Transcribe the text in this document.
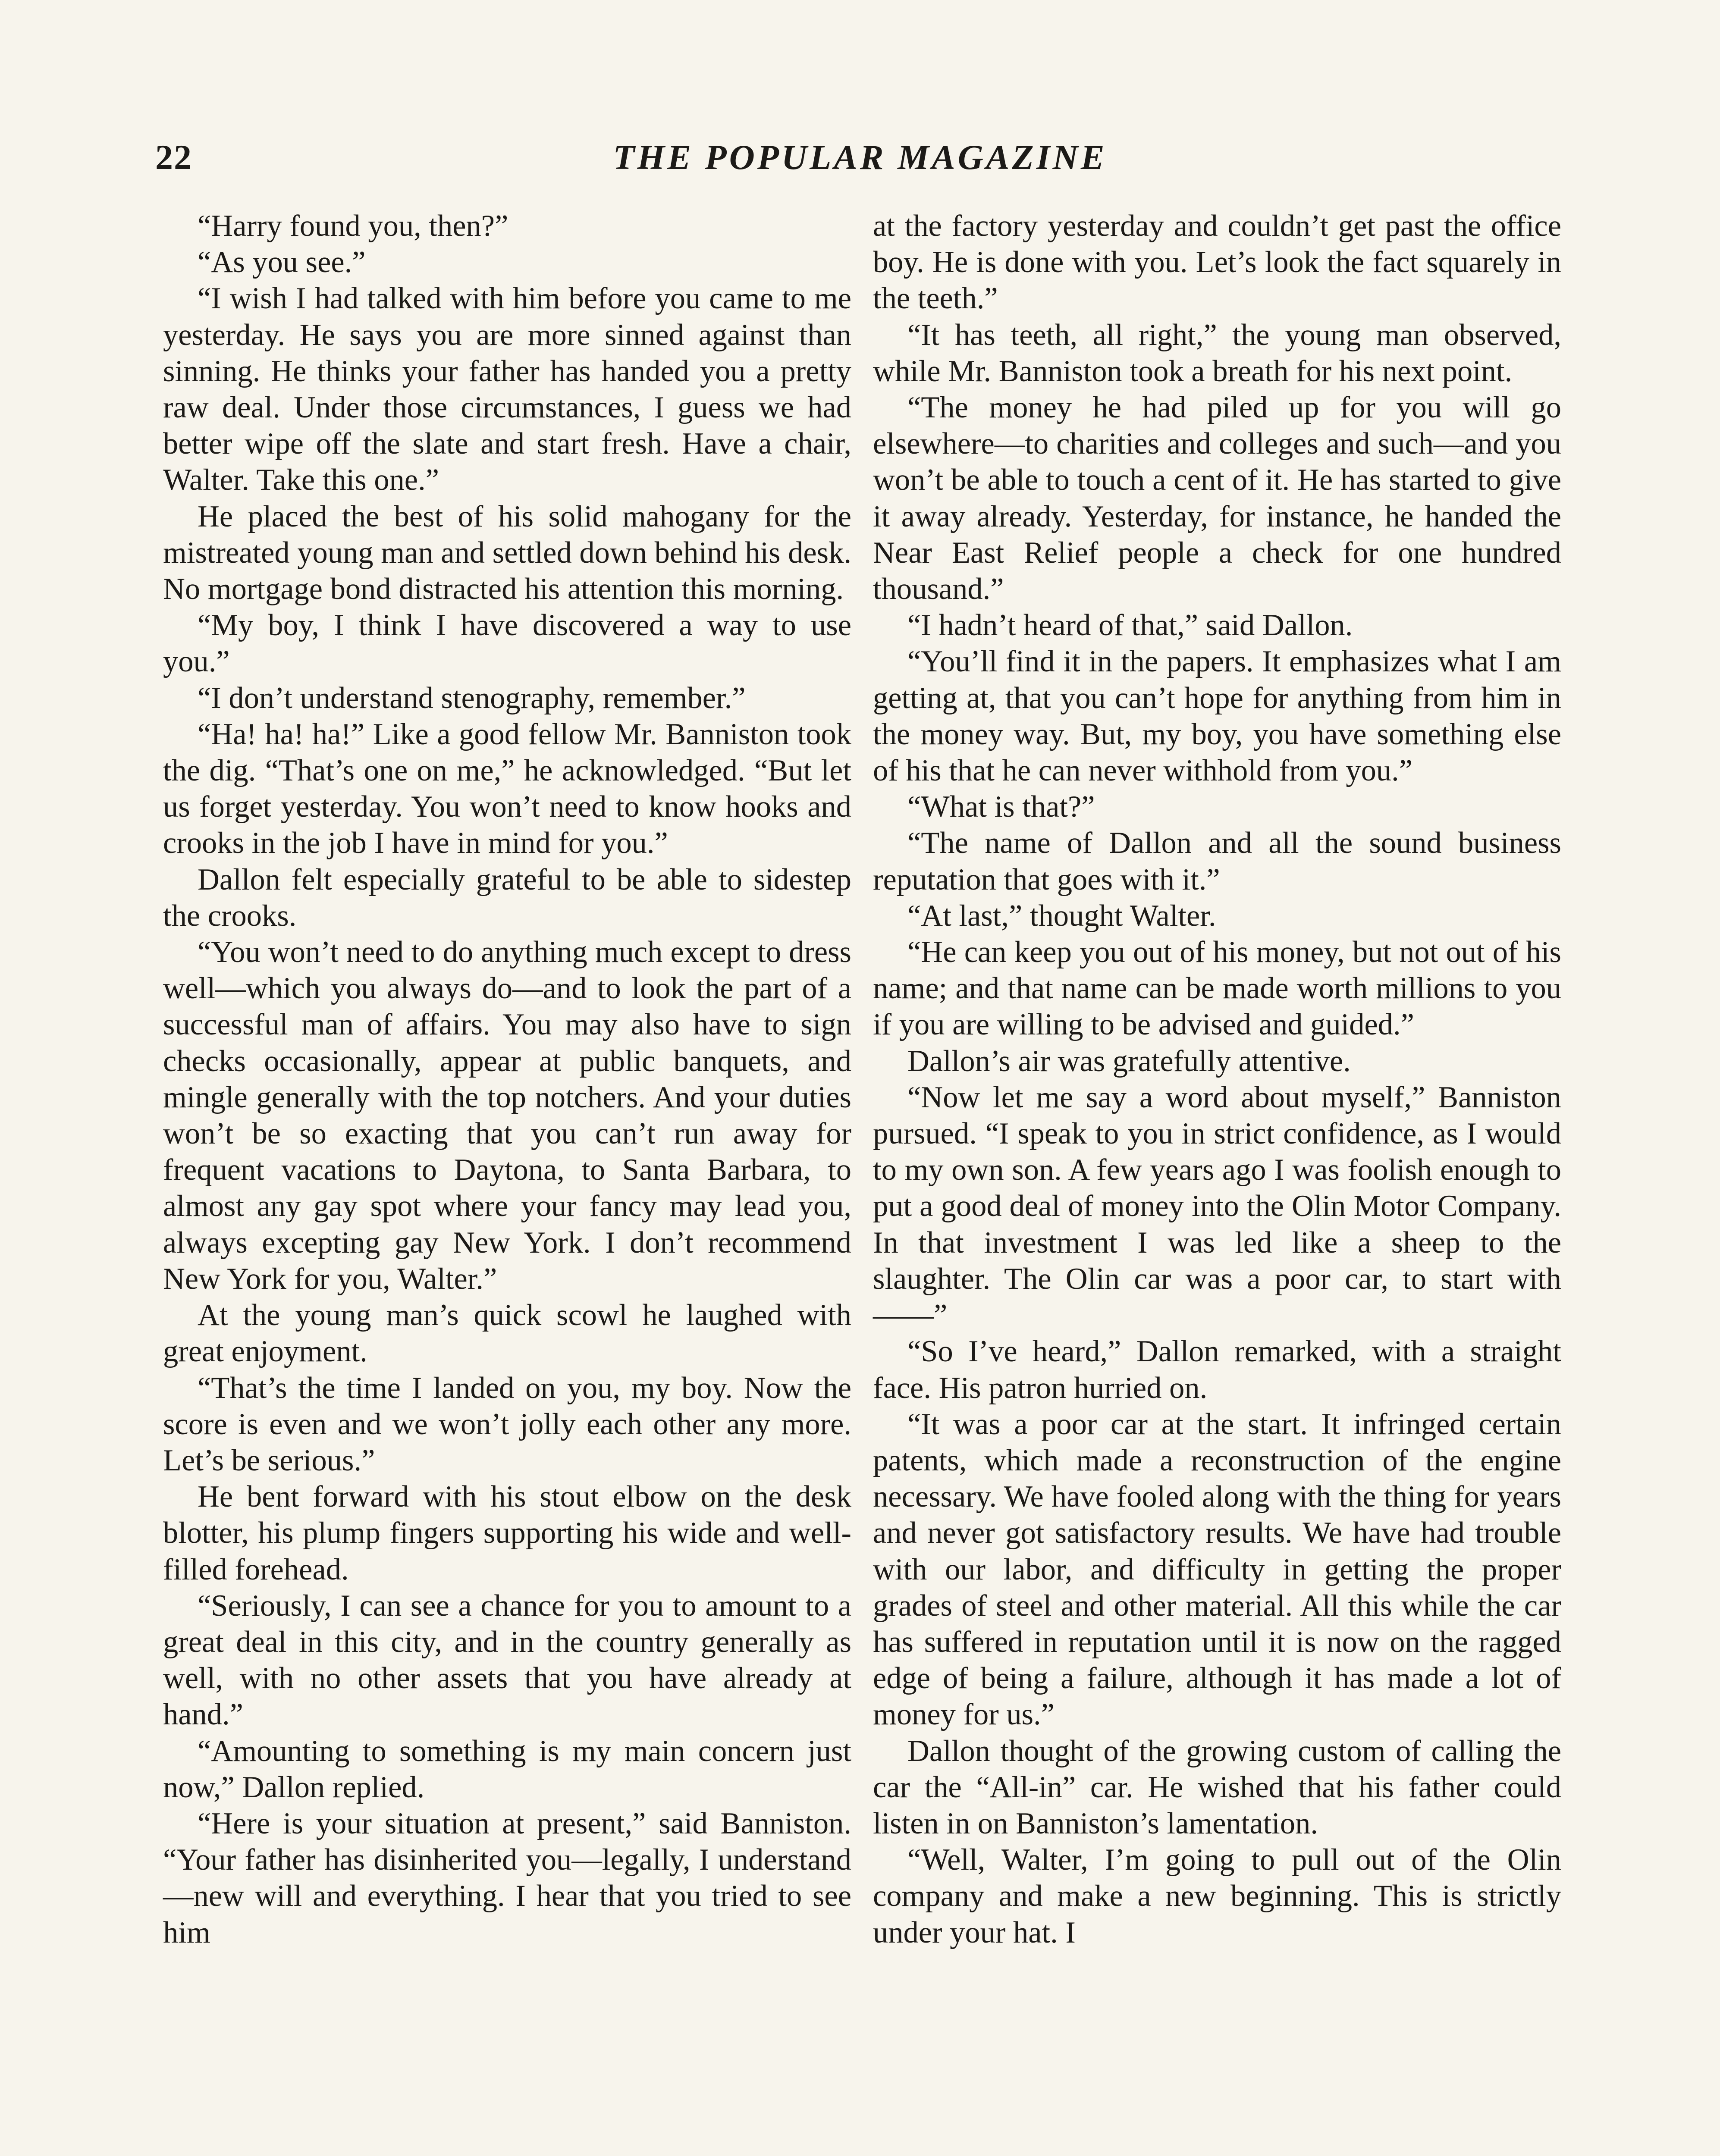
22	THE POPULAR MAGAZINE

“Harry found you, then?”

“As you see.”

“I wish I had talked with him before you came to me yesterday. He says you are more sinned against than sinning. He thinks your father has handed you a pretty raw deal. Under those circumstances, I guess we had better wipe off the slate and start fresh. Have a chair, Walter. Take this one.”

He placed the best of his solid mahogany for the mistreated young man and settled down behind his desk. No mortgage bond distracted his attention this morning.

“My boy, I think I have discovered a way to use you.”

“I don’t understand stenography, remember.”

“Ha! ha! ha!” Like a good fellow Mr. Banniston took the dig. “That’s one on me,” he acknowledged. “But let us forget yesterday. You won’t need to know hooks and crooks in the job I have in mind for you.”

Dallon felt especially grateful to be able to sidestep the crooks.

“You won’t need to do anything much except to dress well—which you always do—and to look the part of a successful man of affairs. You may also have to sign checks occasionally, appear at public banquets, and mingle generally with the top notchers. And your duties won’t be so exacting that you can’t run away for frequent vacations to Daytona, to Santa Barbara, to almost any gay spot where your fancy may lead you, always excepting gay New York. I don’t recommend New York for you, Walter.”

At the young man’s quick scowl he laughed with great enjoyment.

“That’s the time I landed on you, my boy. Now the score is even and we won’t jolly each other any more. Let’s be serious.”

He bent forward with his stout elbow on the desk blotter, his plump fingers supporting his wide and well-filled forehead.

“Seriously, I can see a chance for you to amount to a great deal in this city, and in the country generally as well, with no other assets that you have already at hand.”

“Amounting to something is my main concern just now,” Dallon replied.

“Here is your situation at present,” said Banniston. “Your father has disinherited you—legally, I understand—new will and everything. I hear that you tried to see him

at the factory yesterday and couldn’t get past the office boy. He is done with you. Let’s look the fact squarely in the teeth.”

“It has teeth, all right,” the young man observed, while Mr. Banniston took a breath for his next point.

“The money he had piled up for you will go elsewhere—to charities and colleges and such—and you won’t be able to touch a cent of it. He has started to give it away already. Yesterday, for instance, he handed the Near East Relief people a check for one hundred thousand.”

“I hadn’t heard of that,” said Dallon.

“You’ll find it in the papers. It emphasizes what I am getting at, that you can’t hope for anything from him in the money way. But, my boy, you have something else of his that he can never withhold from you.”

“What is that?”

“The name of Dallon and all the sound business reputation that goes with it.”

“At last,” thought Walter.

“He can keep you out of his money, but not out of his name; and that name can be made worth millions to you if you are willing to be advised and guided.”

Dallon’s air was gratefully attentive.

“Now let me say a word about myself,” Banniston pursued. “I speak to you in strict confidence, as I would to my own son. A few years ago I was foolish enough to put a good deal of money into the Olin Motor Company. In that investment I was led like a sheep to the slaughter. The Olin car was a poor car, to start with——”

“So I’ve heard,” Dallon remarked, with a straight face. His patron hurried on.

“It was a poor car at the start. It infringed certain patents, which made a reconstruction of the engine necessary. We have fooled along with the thing for years and never got satisfactory results. We have had trouble with our labor, and difficulty in getting the proper grades of steel and other material. All this while the car has suffered in reputation until it is now on the ragged edge of being a failure, although it has made a lot of money for us.”

Dallon thought of the growing custom of calling the car the “All-in” car. He wished that his father could listen in on Banniston’s lamentation.

“Well, Walter, I’m going to pull out of the Olin company and make a new beginning. This is strictly under your hat. I
